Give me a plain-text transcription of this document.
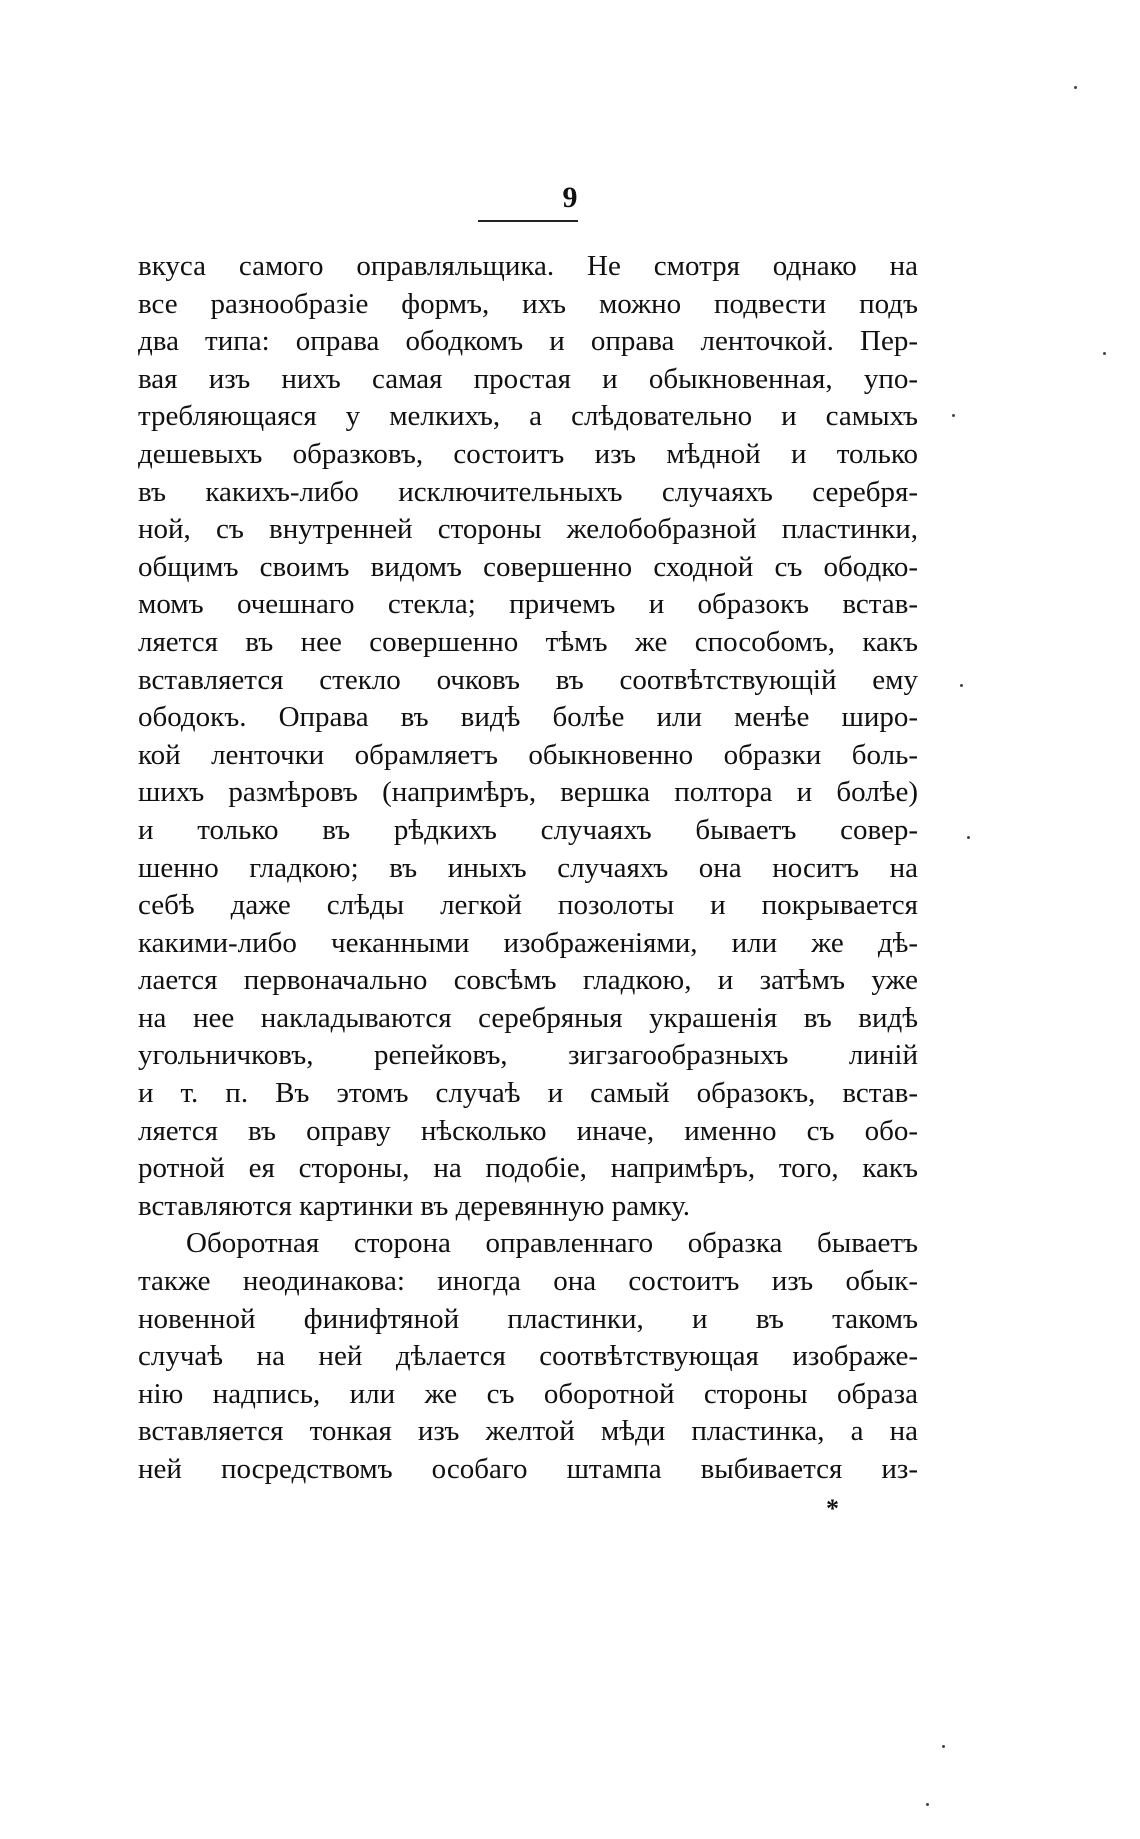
9
вкуса самого оправляльщика. Не смотря однако на
все разнообразіе формъ, ихъ можно подвести подъ
два типа: оправа ободкомъ и оправа ленточкой. Пер-
вая изъ нихъ самая простая и обыкновенная, упо-
требляющаяся у мелкихъ, а слѣдовательно и самыхъ
дешевыхъ образковъ, состоитъ изъ мѣдной и только
въ какихъ-либо исключительныхъ случаяхъ серебря-
ной, съ внутренней стороны желобобразной пластинки,
общимъ своимъ видомъ совершенно сходной съ ободко-
момъ очешнаго стекла; причемъ и образокъ встав-
ляется въ нее совершенно тѣмъ же способомъ, какъ
вставляется стекло очковъ въ соотвѣтствующій ему
ободокъ. Оправа въ видѣ болѣе или менѣе широ-
кой ленточки обрамляетъ обыкновенно образки боль-
шихъ размѣровъ (напримѣръ, вершка полтора и болѣе)
и только въ рѣдкихъ случаяхъ бываетъ совер-
шенно гладкою; въ иныхъ случаяхъ она носитъ на
себѣ даже слѣды легкой позолоты и покрывается
какими-либо чеканными изображеніями, или же дѣ-
лается первоначально совсѣмъ гладкою, и затѣмъ уже
на нее накладываются серебряныя украшенія въ видѣ
угольничковъ, репейковъ, зигзагообразныхъ линій
и т. п. Въ этомъ случаѣ и самый образокъ, встав-
ляется въ оправу нѣсколько иначе, именно съ обо-
ротной ея стороны, на подобіе, напримѣръ, того, какъ
вставляются картинки въ деревянную рамку.
Оборотная сторона оправленнаго образка бываетъ
также неодинакова: иногда она состоитъ изъ обык-
новенной финифтяной пластинки, и въ такомъ
случаѣ на ней дѣлается соотвѣтствующая изображе-
нію надпись, или же съ оборотной стороны образа
вставляется тонкая изъ желтой мѣди пластинка, а на
ней посредствомъ особаго штампа выбивается из-
*
